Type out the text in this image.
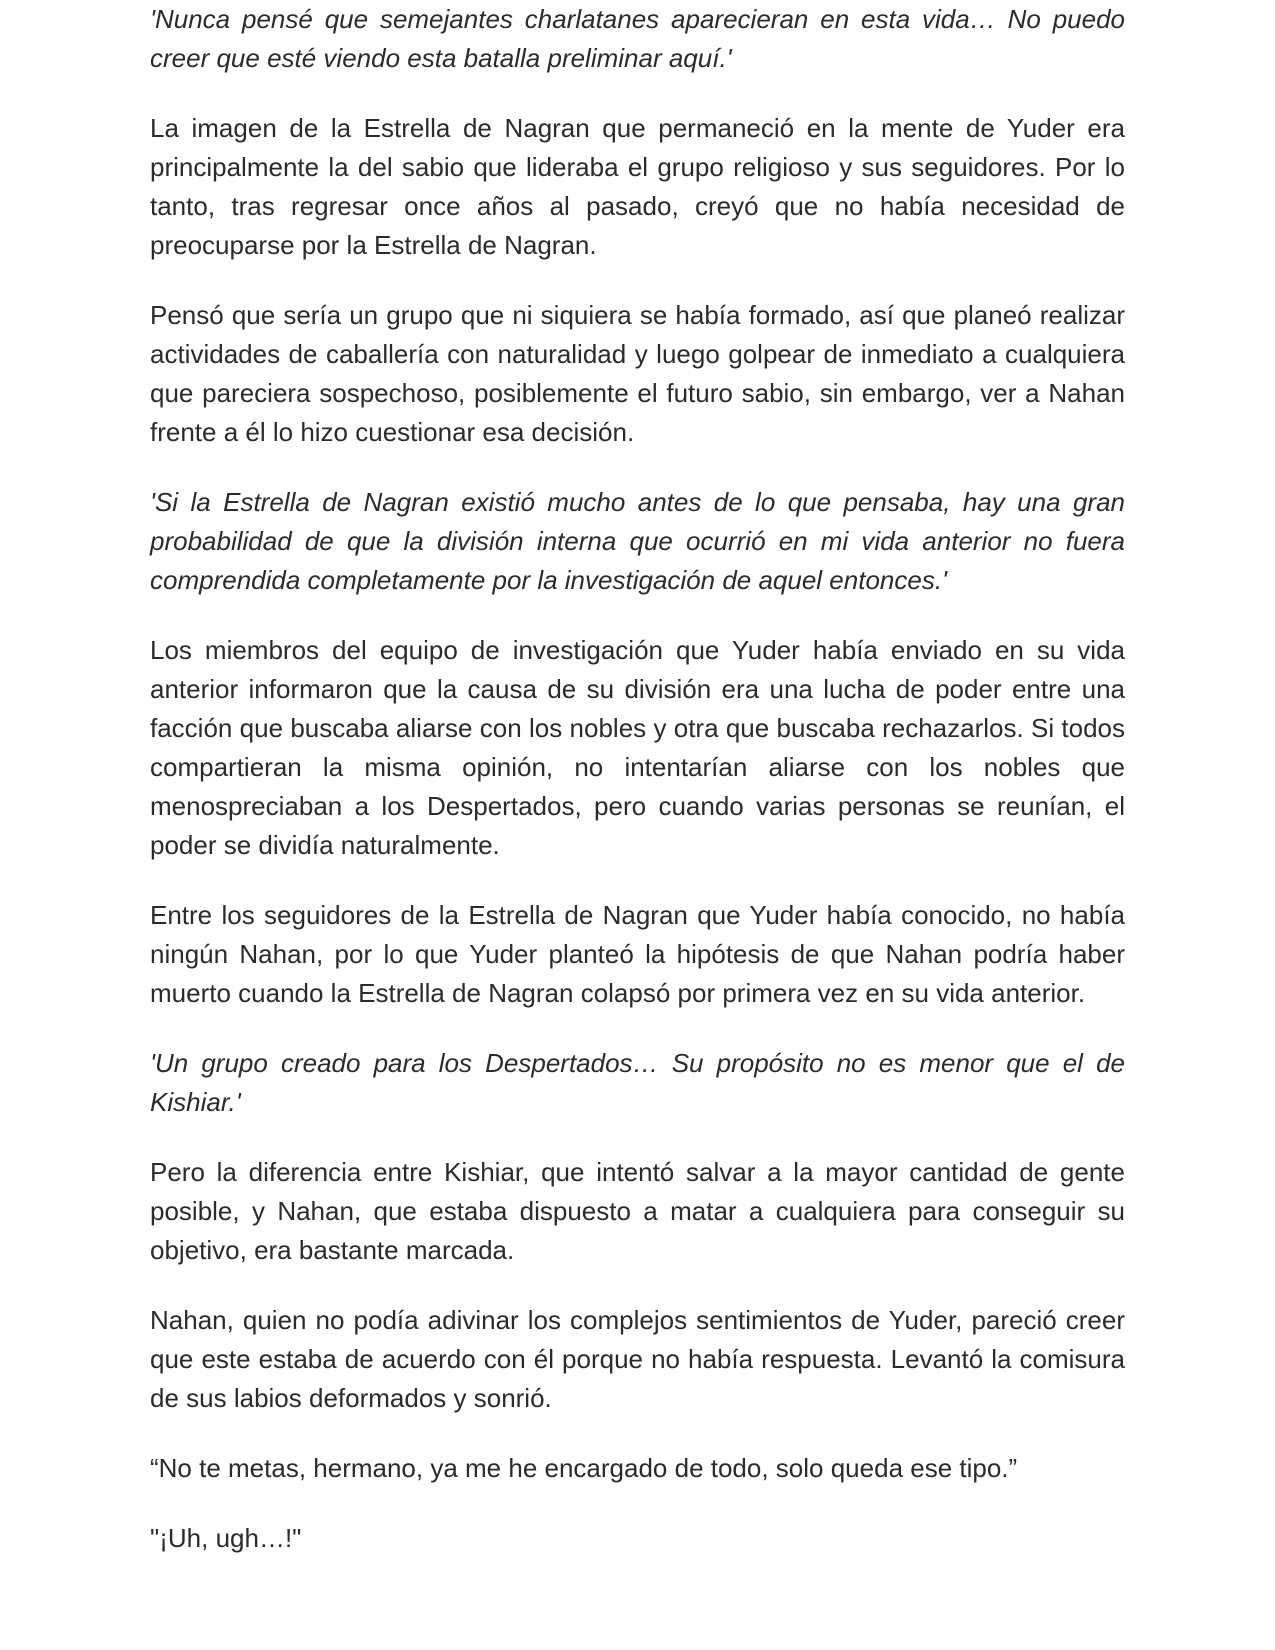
'Nunca pensé que semejantes charlatanes aparecieran en esta vida… No puedo creer que esté viendo esta batalla preliminar aquí.'

La imagen de la Estrella de Nagran que permaneció en la mente de Yuder era principalmente la del sabio que lideraba el grupo religioso y sus seguidores. Por lo tanto, tras regresar once años al pasado, creyó que no había necesidad de preocuparse por la Estrella de Nagran.

Pensó que sería un grupo que ni siquiera se había formado, así que planeó realizar actividades de caballería con naturalidad y luego golpear de inmediato a cualquiera que pareciera sospechoso, posiblemente el futuro sabio, sin embargo, ver a Nahan frente a él lo hizo cuestionar esa decisión.

'Si la Estrella de Nagran existió mucho antes de lo que pensaba, hay una gran probabilidad de que la división interna que ocurrió en mi vida anterior no fuera comprendida completamente por la investigación de aquel entonces.'

Los miembros del equipo de investigación que Yuder había enviado en su vida anterior informaron que la causa de su división era una lucha de poder entre una facción que buscaba aliarse con los nobles y otra que buscaba rechazarlos. Si todos compartieran la misma opinión, no intentarían aliarse con los nobles que menospreciaban a los Despertados, pero cuando varias personas se reunían, el poder se dividía naturalmente.

Entre los seguidores de la Estrella de Nagran que Yuder había conocido, no había ningún Nahan, por lo que Yuder planteó la hipótesis de que Nahan podría haber muerto cuando la Estrella de Nagran colapsó por primera vez en su vida anterior.

'Un grupo creado para los Despertados… Su propósito no es menor que el de Kishiar.'

Pero la diferencia entre Kishiar, que intentó salvar a la mayor cantidad de gente posible, y Nahan, que estaba dispuesto a matar a cualquiera para conseguir su objetivo, era bastante marcada.

Nahan, quien no podía adivinar los complejos sentimientos de Yuder, pareció creer que este estaba de acuerdo con él porque no había respuesta. Levantó la comisura de sus labios deformados y sonrió.

“No te metas, hermano, ya me he encargado de todo, solo queda ese tipo.”

"¡Uh, ugh…!"
